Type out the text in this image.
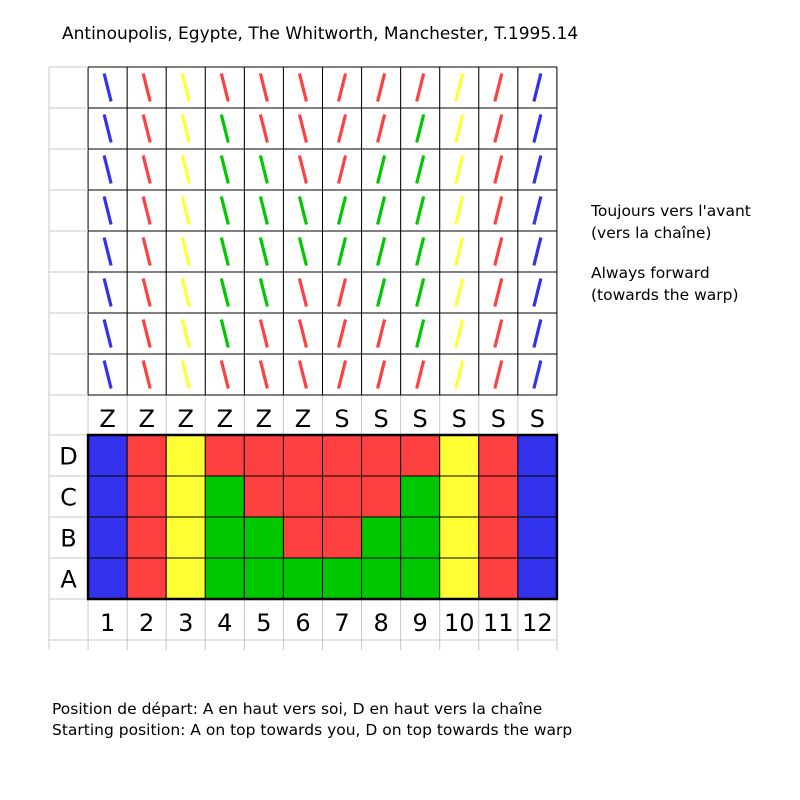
Antinoupolis, Egypte, The Whitworth, Manchester, T.1995.14
Toujours vers l'avant
(vers la chaîne)
Always forward
(towards the warp)
Position de départ: A en haut vers soi, D en haut vers la chaîne
Starting position: A on top towards you, D on top towards the warp
Z Z Z Z Z Z S S S S S S
D
C
B
A
1 2 3 4 5 6 7 8 9 10 11 12
